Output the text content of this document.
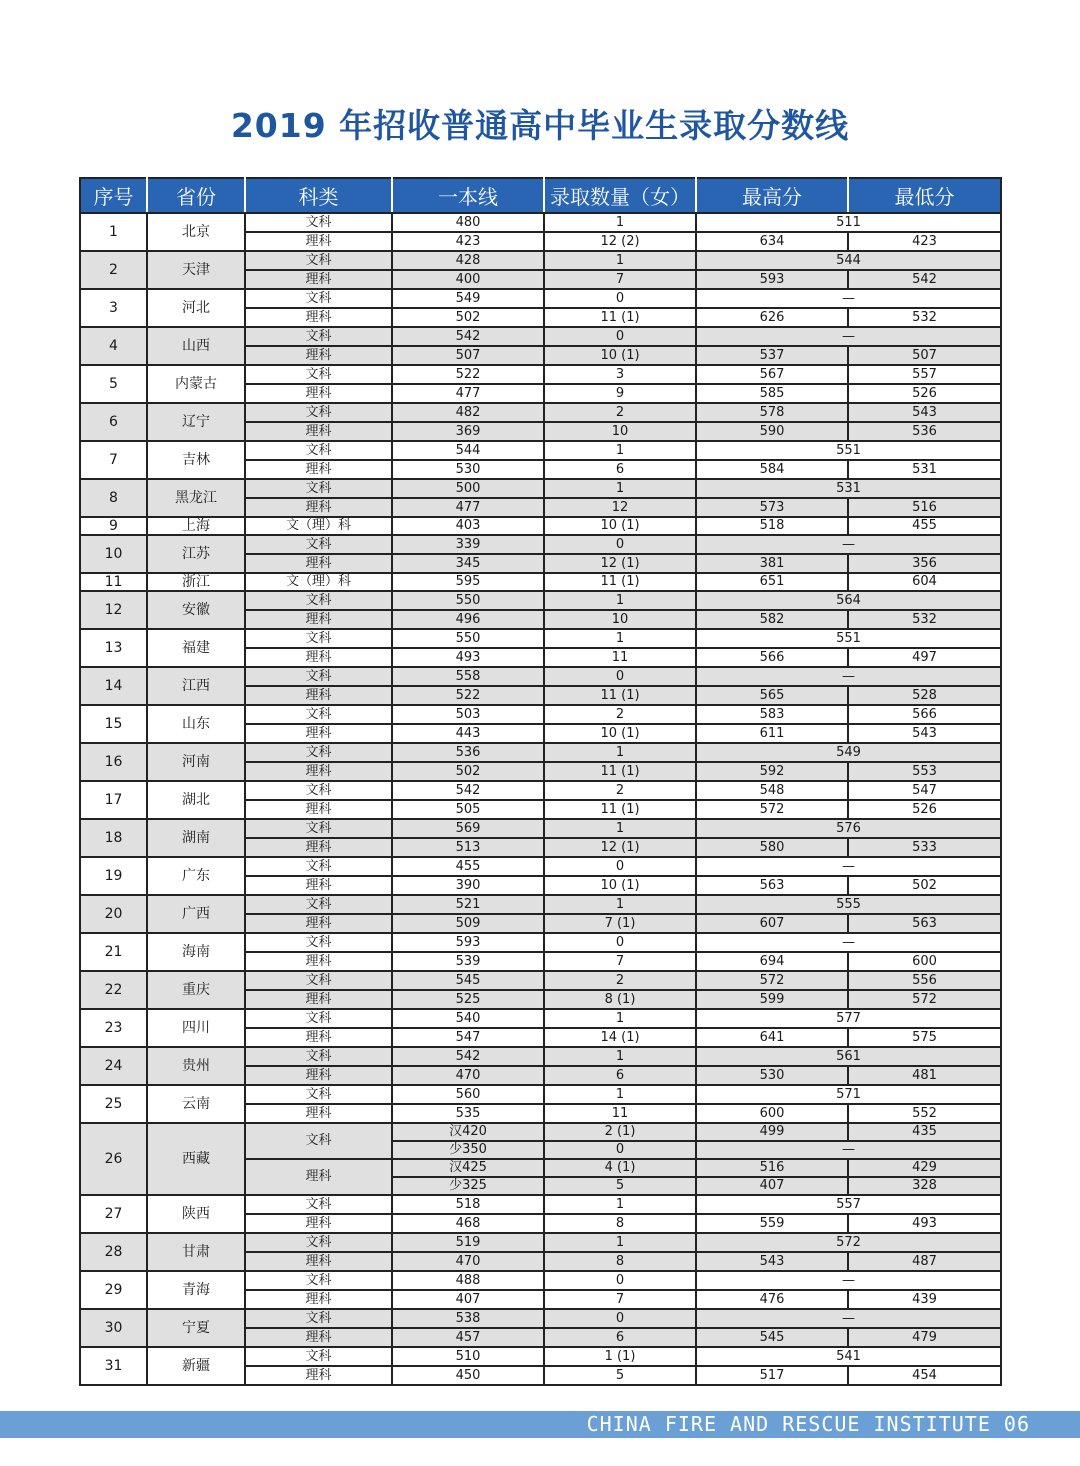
2019 年招收普通高中毕业生录取分数线
序号	省份	科类	一本线	录取数量（女）	最高分	最低分
1	北京	文科	480	1	511	
		理科	423	12 (2)	634	423
2	天津	文科	428	1	544	
		理科	400	7	593	542
3	河北	文科	549	0	—	
		理科	502	11 (1)	626	532
4	山西	文科	542	0	—	
		理科	507	10 (1)	537	507
5	内蒙古	文科	522	3	567	557
		理科	477	9	585	526
6	辽宁	文科	482	2	578	543
		理科	369	10	590	536
7	吉林	文科	544	1	551	
		理科	530	6	584	531
8	黑龙江	文科	500	1	531	
		理科	477	12	573	516
9	上海	文（理）科	403	10 (1)	518	455
10	江苏	文科	339	0	—	
		理科	345	12 (1)	381	356
11	浙江	文（理）科	595	11 (1)	651	604
12	安徽	文科	550	1	564	
		理科	496	10	582	532
13	福建	文科	550	1	551	
		理科	493	11	566	497
14	江西	文科	558	0	—	
		理科	522	11 (1)	565	528
15	山东	文科	503	2	583	566
		理科	443	10 (1)	611	543
16	河南	文科	536	1	549	
		理科	502	11 (1)	592	553
17	湖北	文科	542	2	548	547
		理科	505	11 (1)	572	526
18	湖南	文科	569	1	576	
		理科	513	12 (1)	580	533
19	广东	文科	455	0	—	
		理科	390	10 (1)	563	502
20	广西	文科	521	1	555	
		理科	509	7 (1)	607	563
21	海南	文科	593	0	—	
		理科	539	7	694	600
22	重庆	文科	545	2	572	556
		理科	525	8 (1)	599	572
23	四川	文科	540	1	577	
		理科	547	14 (1)	641	575
24	贵州	文科	542	1	561	
		理科	470	6	530	481
25	云南	文科	560	1	571	
		理科	535	11	600	552
26	西藏	文科	汉420	2 (1)	499	435
			少350	0	—	
		理科	汉425	4 (1)	516	429
			少325	5	407	328
27	陕西	文科	518	1	557	
		理科	468	8	559	493
28	甘肃	文科	519	1	572	
		理科	470	8	543	487
29	青海	文科	488	0	—	
		理科	407	7	476	439
30	宁夏	文科	538	0	—	
		理科	457	6	545	479
31	新疆	文科	510	1 (1)	541	
		理科	450	5	517	454
CHINA FIRE AND RESCUE INSTITUTE 06
